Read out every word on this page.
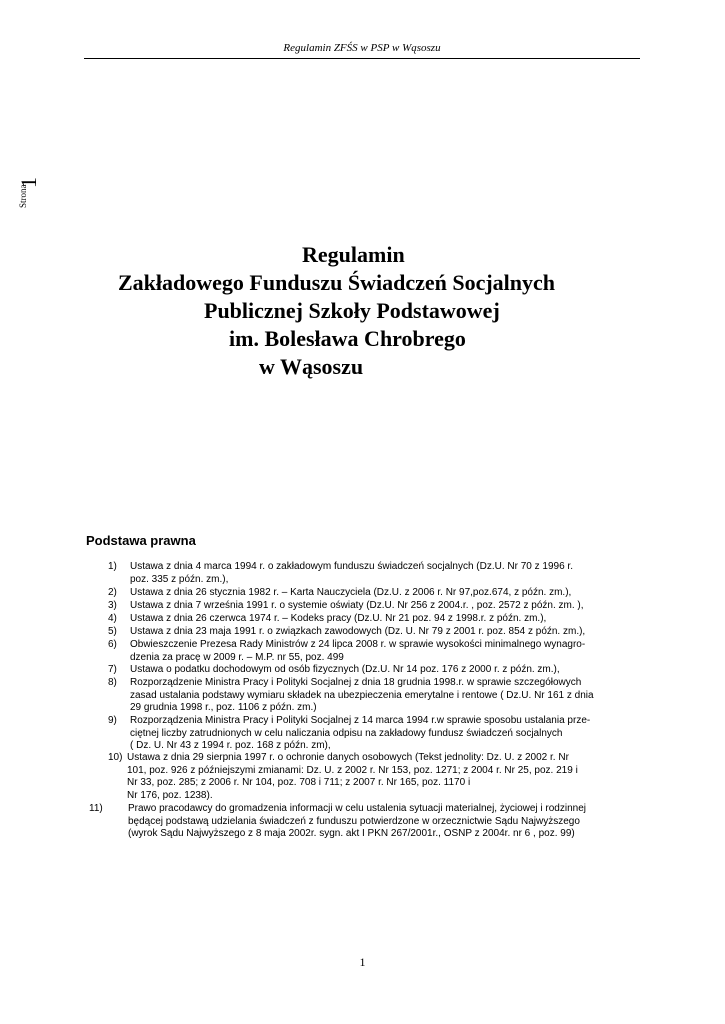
Regulamin ZFŚS w PSP w Wąsoszu
Strona
1
Regulamin
Zakładowego Funduszu Świadczeń Socjalnych
Publicznej Szkoły Podstawowej
im. Bolesława Chrobrego
w Wąsoszu
Podstawa prawna
1) Ustawa z dnia 4 marca 1994 r. o zakładowym funduszu świadczeń socjalnych (Dz.U. Nr 70 z 1996 r.
poz. 335 z późn. zm.),
2) Ustawa z dnia 26 stycznia 1982 r. – Karta Nauczyciela (Dz.U. z 2006 r. Nr 97,poz.674, z późn. zm.),
3) Ustawa z dnia 7 września 1991 r. o systemie oświaty (Dz.U. Nr 256 z 2004.r. , poz. 2572 z późn. zm. ),
4) Ustawa z dnia 26 czerwca 1974 r. – Kodeks pracy (Dz.U. Nr 21 poz. 94 z 1998.r. z późn. zm.),
5) Ustawa z dnia 23 maja 1991 r. o związkach zawodowych (Dz. U. Nr 79 z 2001 r. poz. 854 z późn. zm.),
6) Obwieszczenie Prezesa Rady Ministrów z 24 lipca 2008 r. w sprawie wysokości minimalnego wynagro-
dzenia za pracę w 2009 r. – M.P. nr 55, poz. 499
7) Ustawa o podatku dochodowym od osób fizycznych (Dz.U. Nr 14 poz. 176 z 2000 r. z późn. zm.),
8) Rozporządzenie Ministra Pracy i Polityki Socjalnej z dnia 18 grudnia 1998.r. w sprawie szczegółowych
zasad ustalania podstawy wymiaru składek na ubezpieczenia emerytalne i rentowe ( Dz.U. Nr 161 z dnia
29 grudnia 1998 r., poz. 1106 z późn. zm.)
9) Rozporządzenia Ministra Pracy i Polityki Socjalnej z 14 marca 1994 r.w sprawie sposobu ustalania prze-
ciętnej liczby zatrudnionych w celu naliczania odpisu na zakładowy fundusz świadczeń socjalnych
( Dz. U. Nr 43 z 1994 r. poz. 168 z późn. zm),
10) Ustawa z dnia 29 sierpnia 1997 r. o ochronie danych osobowych (Tekst jednolity: Dz. U. z 2002 r. Nr
101, poz. 926 z późniejszymi zmianami: Dz. U. z 2002 r. Nr 153, poz. 1271; z 2004 r. Nr 25, poz. 219 i
Nr 33, poz. 285; z 2006 r. Nr 104, poz. 708 i 711; z 2007 r. Nr 165, poz. 1170 i
Nr 176, poz. 1238).
11)	Prawo pracodawcy do gromadzenia informacji w celu ustalenia sytuacji materialnej, życiowej i rodzinnej
będącej podstawą udzielania świadczeń z funduszu potwierdzone w orzecznictwie Sądu Najwyższego
(wyrok Sądu Najwyższego z 8 maja 2002r. sygn. akt I PKN 267/2001r., OSNP z 2004r. nr 6 , poz. 99)
1
